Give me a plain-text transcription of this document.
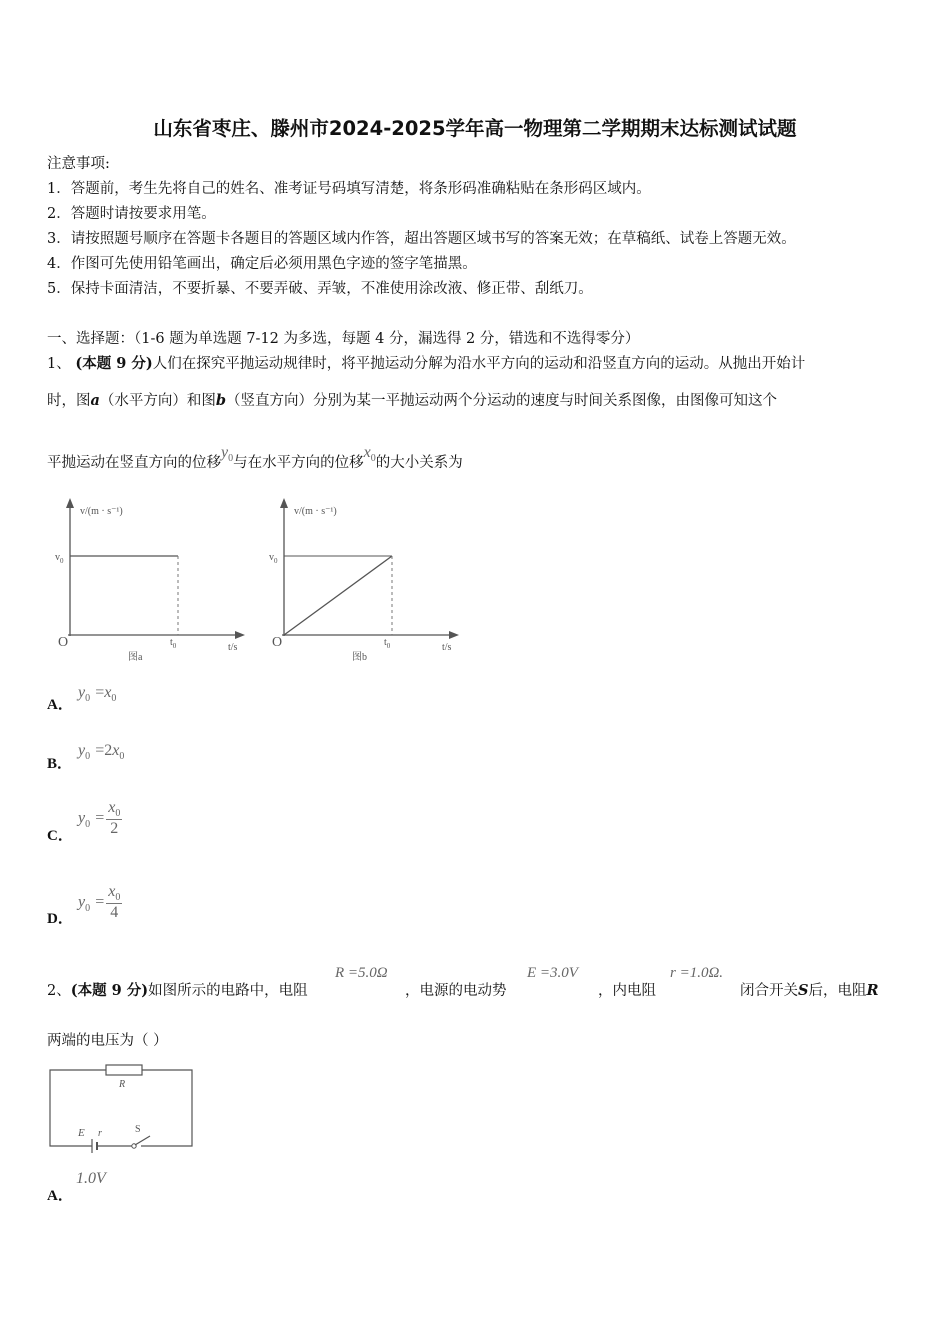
山东省枣庄、滕州市2024-2025学年高一物理第二学期期末达标测试试题
注意事项:
1．答题前，考生先将自己的姓名、准考证号码填写清楚，将条形码准确粘贴在条形码区域内。
2．答题时请按要求用笔。
3．请按照题号顺序在答题卡各题目的答题区域内作答，超出答题区域书写的答案无效；在草稿纸、试卷上答题无效。
4．作图可先使用铅笔画出，确定后必须用黑色字迹的签字笔描黑。
5．保持卡面清洁，不要折暴、不要弄破、弄皱，不准使用涂改液、修正带、刮纸刀。
一、选择题：（1-6 题为单选题 7-12 为多选，每题 4 分，漏选得 2 分，错选和不选得零分）
1、 (本题 9 分)人们在探究平抛运动规律时，将平抛运动分解为沿水平方向的运动和沿竖直方向的运动。从抛出开始计
时，图a（水平方向）和图b（竖直方向）分别为某一平抛运动两个分运动的速度与时间关系图像，由图像可知这个
平抛运动在竖直方向的位移$y_0$与在水平方向的位移$x_0$的大小关系为
v/(m · s⁻¹)
$v_0$
O	$t_0$	t/s
图a
v/(m · s⁻¹)
$v_0$
O	$t_0$	t/s
图b
A．
$y_0 =x_0$
B．
$y_0 =2x_0$
C．
$y_0 = \frac{x_0}{2}$
D．
$y_0 = \frac{x_0}{4}$
2、(本题 9 分)如图所示的电路中，电阻
R =5.0Ω
，电源的电动势
E =3.0V
，内电阻
r =1.0Ω.
闭合开关S后，电阻R
两端的电压为（ ）
R
E r	S
A．
1.0V
